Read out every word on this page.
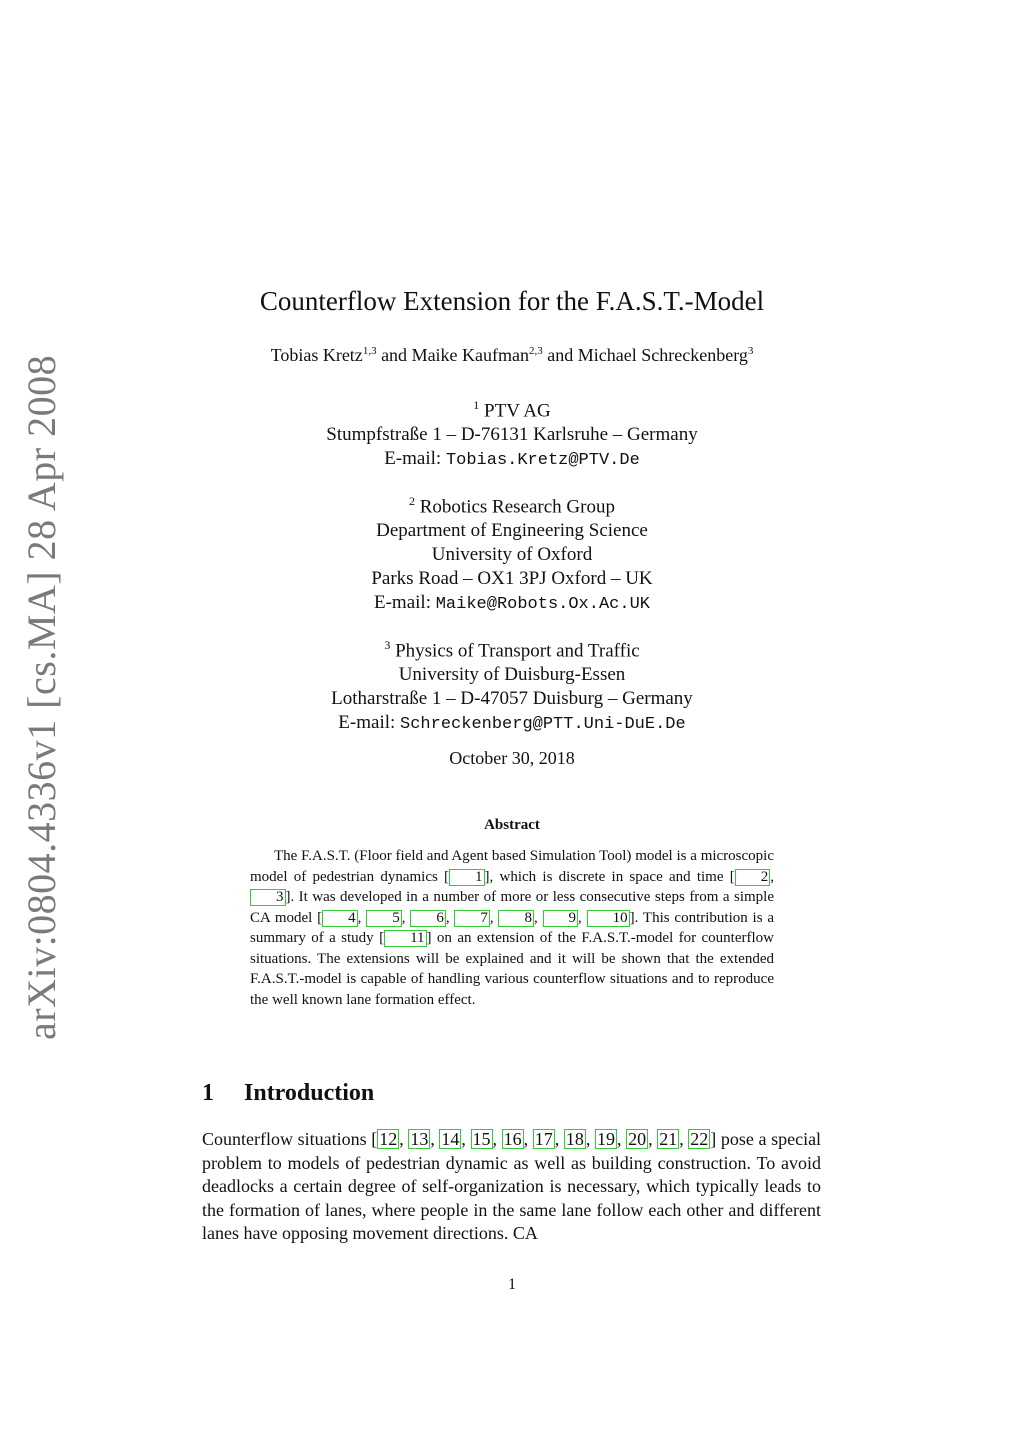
arXiv:0804.4336v1 [cs.MA] 28 Apr 2008
Counterflow Extension for the F.A.S.T.-Model
Tobias Kretz$^{1,3}$ and Maike Kaufman$^{2,3}$ and Michael Schreckenberg$^3$
$^1$ PTV AG
Stumpfstraße 1 – D-76131 Karlsruhe – Germany
E-mail: Tobias.Kretz@PTV.De
$^2$ Robotics Research Group
Department of Engineering Science
University of Oxford
Parks Road – OX1 3PJ Oxford – UK
E-mail: Maike@Robots.Ox.Ac.UK
$^3$ Physics of Transport and Traffic
University of Duisburg-Essen
Lotharstraße 1 – D-47057 Duisburg – Germany
E-mail: Schreckenberg@PTT.Uni-DuE.De
October 30, 2018
Abstract
The F.A.S.T. (Floor field and Agent based Simulation Tool) model is a microscopic model of pedestrian dynamics [ 1 ], which is discrete in space and time [ 2 , 3 ]. It was developed in a number of more or less consecutive steps from a simple CA model [ 4 , 5 , 6 , 7 , 8 , 9 , 10 ]. This contribution is a summary of a study [ 11 ] on an extension of the F.A.S.T.-model for counterflow situations. The extensions will be explained and it will be shown that the extended F.A.S.T.-model is capable of handling various counterflow situations and to reproduce the well known lane formation effect.
1 Introduction
Counterflow situations [ 12 , 13 , 14 , 15 , 16 , 17 , 18 , 19 , 20 , 21 , 22 ] pose a special problem to models of pedestrian dynamic as well as building construction. To avoid deadlocks a certain degree of self-organization is necessary, which typically leads to the formation of lanes, where people in the same lane follow each other and different lanes have opposing movement directions. CA
1
